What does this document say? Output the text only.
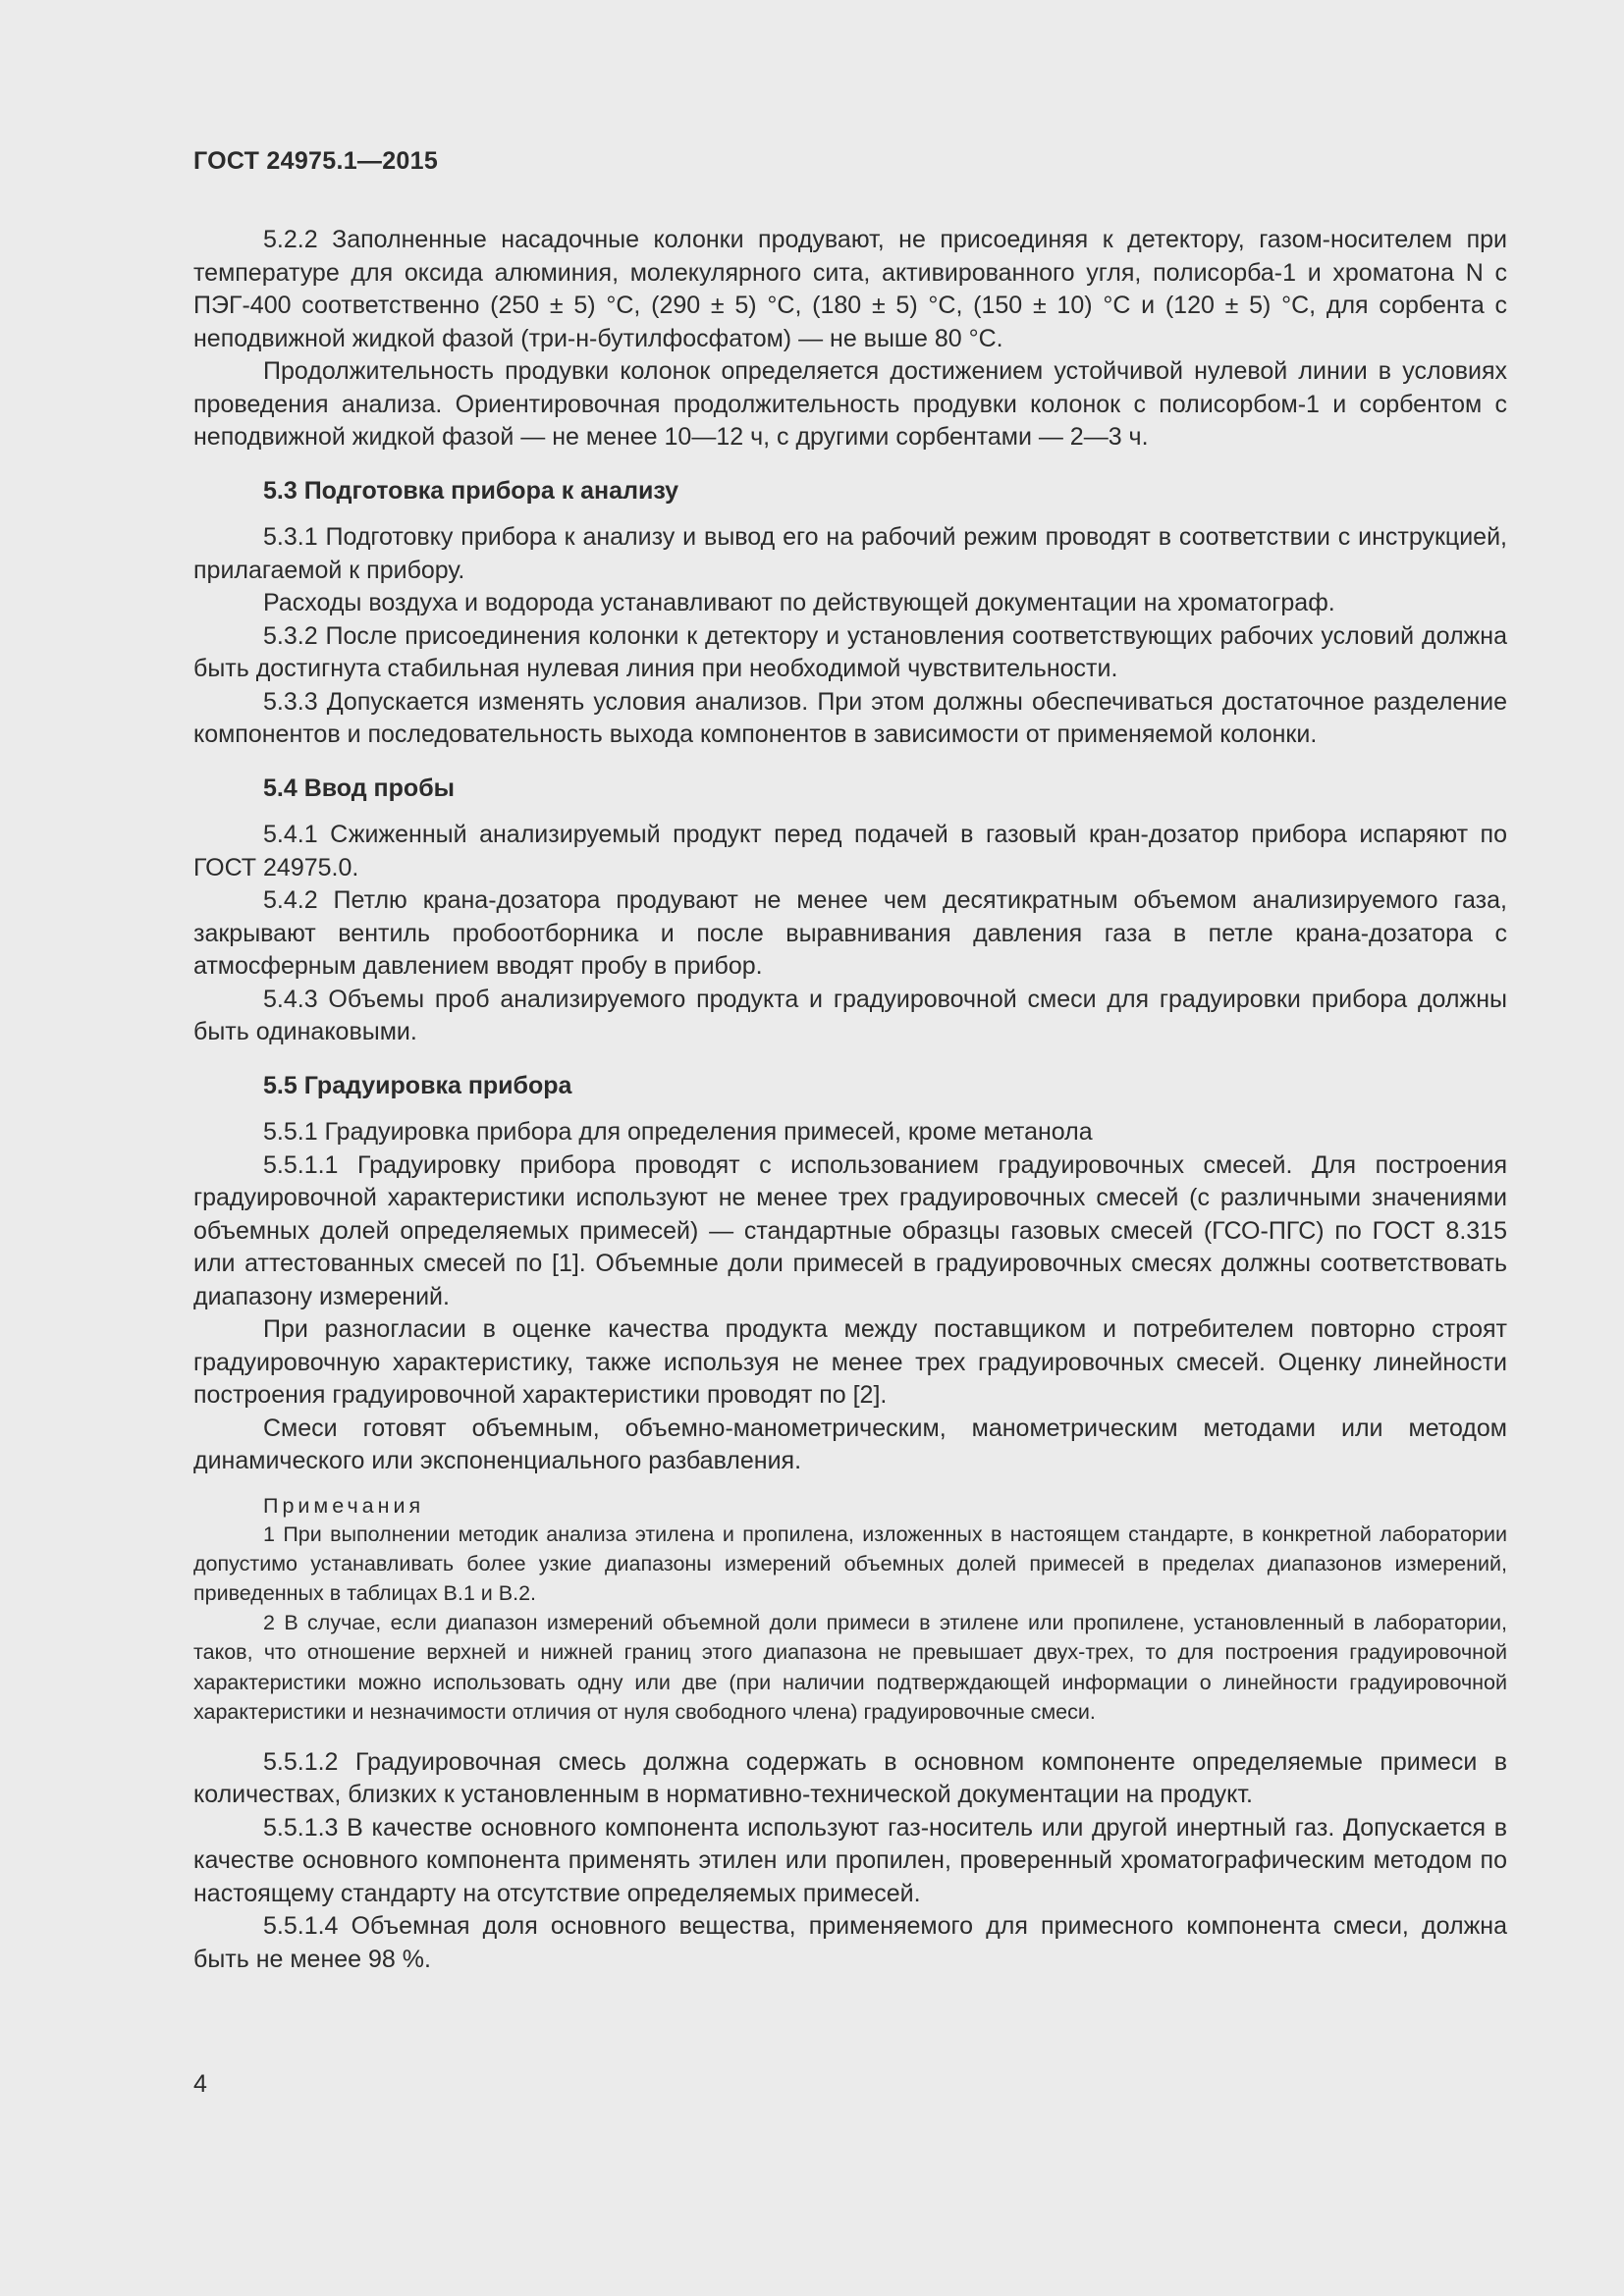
ГОСТ 24975.1—2015

5.2.2 Заполненные насадочные колонки продувают, не присоединяя к детектору, газом-носителем при температуре для оксида алюминия, молекулярного сита, активированного угля, полисорба-1 и хроматона N с ПЭГ-400 соответственно (250 ± 5) °С, (290 ± 5) °С, (180 ± 5) °С, (150 ± 10) °С и (120 ± 5) °С, для сорбента с неподвижной жидкой фазой (три-н-бутилфосфатом) — не выше 80 °С.

Продолжительность продувки колонок определяется достижением устойчивой нулевой линии в условиях проведения анализа. Ориентировочная продолжительность продувки колонок с полисорбом-1 и сорбентом с неподвижной жидкой фазой — не менее 10—12 ч, с другими сорбентами — 2—3 ч.

5.3 Подготовка прибора к анализу

5.3.1 Подготовку прибора к анализу и вывод его на рабочий режим проводят в соответствии с инструкцией, прилагаемой к прибору.

Расходы воздуха и водорода устанавливают по действующей документации на хроматограф.

5.3.2 После присоединения колонки к детектору и установления соответствующих рабочих условий должна быть достигнута стабильная нулевая линия при необходимой чувствительности.

5.3.3 Допускается изменять условия анализов. При этом должны обеспечиваться достаточное разделение компонентов и последовательность выхода компонентов в зависимости от применяемой колонки.

5.4 Ввод пробы

5.4.1 Сжиженный анализируемый продукт перед подачей в газовый кран-дозатор прибора испаряют по ГОСТ 24975.0.

5.4.2 Петлю крана-дозатора продувают не менее чем десятикратным объемом анализируемого газа, закрывают вентиль пробоотборника и после выравнивания давления газа в петле крана-дозатора с атмосферным давлением вводят пробу в прибор.

5.4.3 Объемы проб анализируемого продукта и градуировочной смеси для градуировки прибора должны быть одинаковыми.

5.5 Градуировка прибора

5.5.1 Градуировка прибора для определения примесей, кроме метанола

5.5.1.1 Градуировку прибора проводят с использованием градуировочных смесей. Для построения градуировочной характеристики используют не менее трех градуировочных смесей (с различными значениями объемных долей определяемых примесей) — стандартные образцы газовых смесей (ГСО-ПГС) по ГОСТ 8.315 или аттестованных смесей по [1]. Объемные доли примесей в градуировочных смесях должны соответствовать диапазону измерений.

При разногласии в оценке качества продукта между поставщиком и потребителем повторно строят градуировочную характеристику, также используя не менее трех градуировочных смесей. Оценку линейности построения градуировочной характеристики проводят по [2].

Смеси готовят объемным, объемно-манометрическим, манометрическим методами или методом динамического или экспоненциального разбавления.

Примечания

1 При выполнении методик анализа этилена и пропилена, изложенных в настоящем стандарте, в конкретной лаборатории допустимо устанавливать более узкие диапазоны измерений объемных долей примесей в пределах диапазонов измерений, приведенных в таблицах В.1 и В.2.

2 В случае, если диапазон измерений объемной доли примеси в этилене или пропилене, установленный в лаборатории, таков, что отношение верхней и нижней границ этого диапазона не превышает двух-трех, то для построения градуировочной характеристики можно использовать одну или две (при наличии подтверждающей информации о линейности градуировочной характеристики и незначимости отличия от нуля свободного члена) градуировочные смеси.

5.5.1.2 Градуировочная смесь должна содержать в основном компоненте определяемые примеси в количествах, близких к установленным в нормативно-технической документации на продукт.

5.5.1.3 В качестве основного компонента используют газ-носитель или другой инертный газ. Допускается в качестве основного компонента применять этилен или пропилен, проверенный хроматографическим методом по настоящему стандарту на отсутствие определяемых примесей.

5.5.1.4 Объемная доля основного вещества, применяемого для примесного компонента смеси, должна быть не менее 98 %.

4
